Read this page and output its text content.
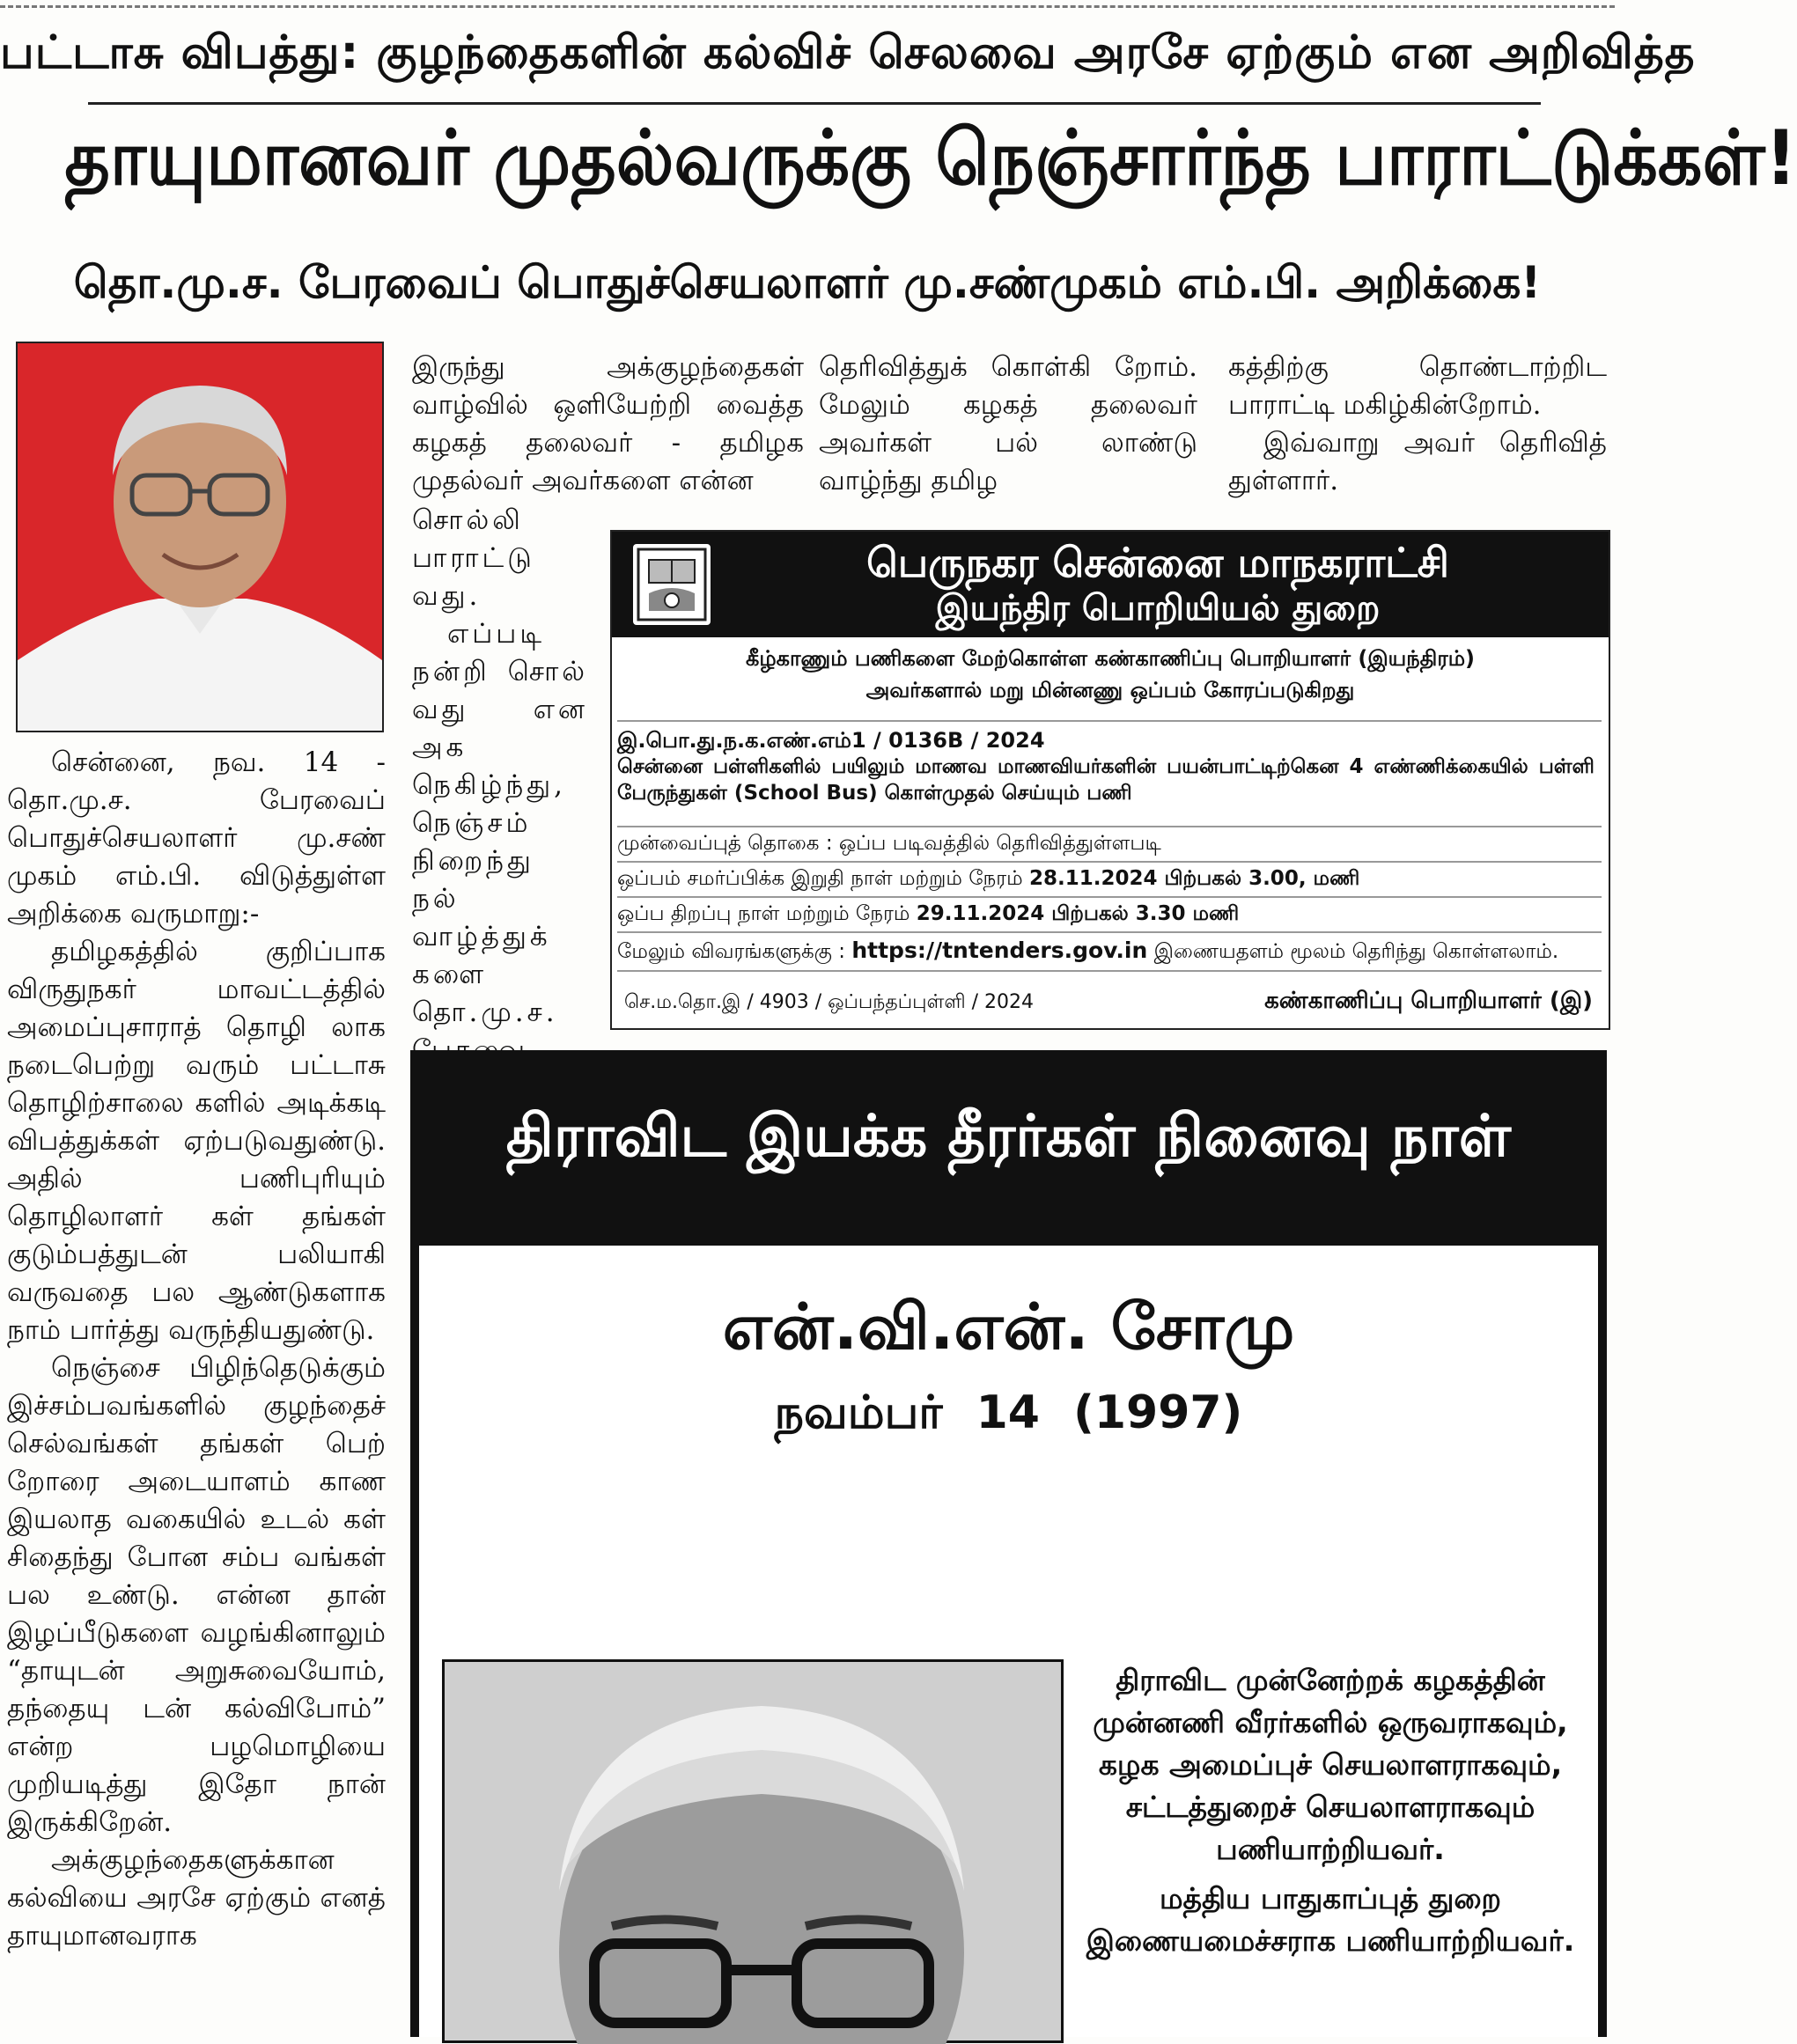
பட்டாசு விபத்து: குழந்தைகளின் கல்விச் செலவை அரசே ஏற்கும் என அறிவித்த
தாயுமானவர் முதல்வருக்கு நெஞ்சார்ந்த பாராட்டுக்கள்!
தொ.மு.ச. பேரவைப் பொதுச்செயலாளர் மு.சண்முகம் எம்.பி. அறிக்கை!

சென்னை, நவ. 14 - தொ.மு.ச. பேரவைப் பொதுச்செயலாளர் மு.சண் முகம் எம்.பி. விடுத்துள்ள அறிக்கை வருமாறு:-

தமிழகத்தில் குறிப்பாக விருதுநகர் மாவட்டத்தில் அமைப்புசாராத் தொழி லாக நடைபெற்று வரும் பட்டாசு தொழிற்சாலை களில் அடிக்கடி விபத்துக்கள் ஏற்படுவதுண்டு. அதில் பணிபுரியும் தொழிலாளர் கள் தங்கள் குடும்பத்துடன் பலியாகி வருவதை பல ஆண்டுகளாக நாம் பார்த்து வருந்தியதுண்டு.

நெஞ்சை பிழிந்தெடுக்கும் இச்சம்பவங்களில் குழந்தைச் செல்வங்கள் தங்கள் பெற் றோரை அடையாளம் காண இயலாத வகையில் உடல் கள் சிதைந்து போன சம்ப வங்கள் பல உண்டு. என்ன தான் இழப்பீடுகளை வழங்கினாலும் “தாயுடன் அறுசுவையோம், தந்தையு டன் கல்விபோம்” என்ற பழமொழியை முறியடித்து இதோ நான் இருக்கிறேன்.

அக்குழந்தைகளுக்கான கல்வியை அரசே ஏற்கும் எனத் தாயுமானவராக

இருந்து அக்குழந்தைகள் வாழ்வில் ஒளியேற்றி வைத்த கழகத் தலைவர் - தமிழக முதல்வர் அவர்களை என்ன

சொல்லி பாராட்டு வது.

எப்படி நன்றி சொல் வது என அக நெகிழ்ந்து, நெஞ்சம் நிறைந்து நல் வாழ்த்துக் களை தொ.மு.ச.

தெரிவித்துக் கொள்கி றோம். மேலும் கழகத் தலைவர் அவர்கள் பல் லாண்டு வாழ்ந்து தமிழ

கத்திற்கு தொண்டாற்றிட பாராட்டி மகிழ்கின்றோம்.

இவ்வாறு அவர் தெரிவித் துள்ளார்.

பெருநகர சென்னை மாநகராட்சி
இயந்திர பொறியியல் துறை
கீழ்காணும் பணிகளை மேற்கொள்ள கண்காணிப்பு பொறியாளர் (இயந்திரம்)
அவர்களால் மறு மின்னணு ஒப்பம் கோரப்படுகிறது
இ.பொ.து.ந.க.எண்.எம்1 / 0136B / 2024
சென்னை பள்ளிகளில் பயிலும் மாணவ மாணவியர்களின் பயன்பாட்டிற்கென 4 எண்ணிக்கையில் பள்ளி பேருந்துகள் (School Bus) கொள்முதல் செய்யும் பணி
முன்வைப்புத் தொகை : ஒப்ப படிவத்தில் தெரிவித்துள்ளபடி
ஒப்பம் சமர்ப்பிக்க இறுதி நாள் மற்றும் நேரம் 28.11.2024 பிற்பகல் 3.00, மணி
ஒப்ப திறப்பு நாள் மற்றும் நேரம் 29.11.2024 பிற்பகல் 3.30 மணி
மேலும் விவரங்களுக்கு : https://tntenders.gov.in இணையதளம் மூலம் தெரிந்து கொள்ளலாம்.
செ.ம.தொ.இ / 4903 / ஒப்பந்தப்புள்ளி / 2024	கண்காணிப்பு பொறியாளர் (இ)
திராவிட இயக்க தீரர்கள் நினைவு நாள்
என்.வி.என். சோமு
நவம்பர் 14 (1997)
திராவிட முன்னேற்றக் கழகத்தின் முன்னணி வீரர்களில் ஒருவராகவும், கழக அமைப்புச் செயலாளராகவும், சட்டத்துறைச் செயலாளராகவும் பணியாற்றியவர்.
மத்திய பாதுகாப்புத் துறை இணையமைச்சராக பணியாற்றியவர்.
